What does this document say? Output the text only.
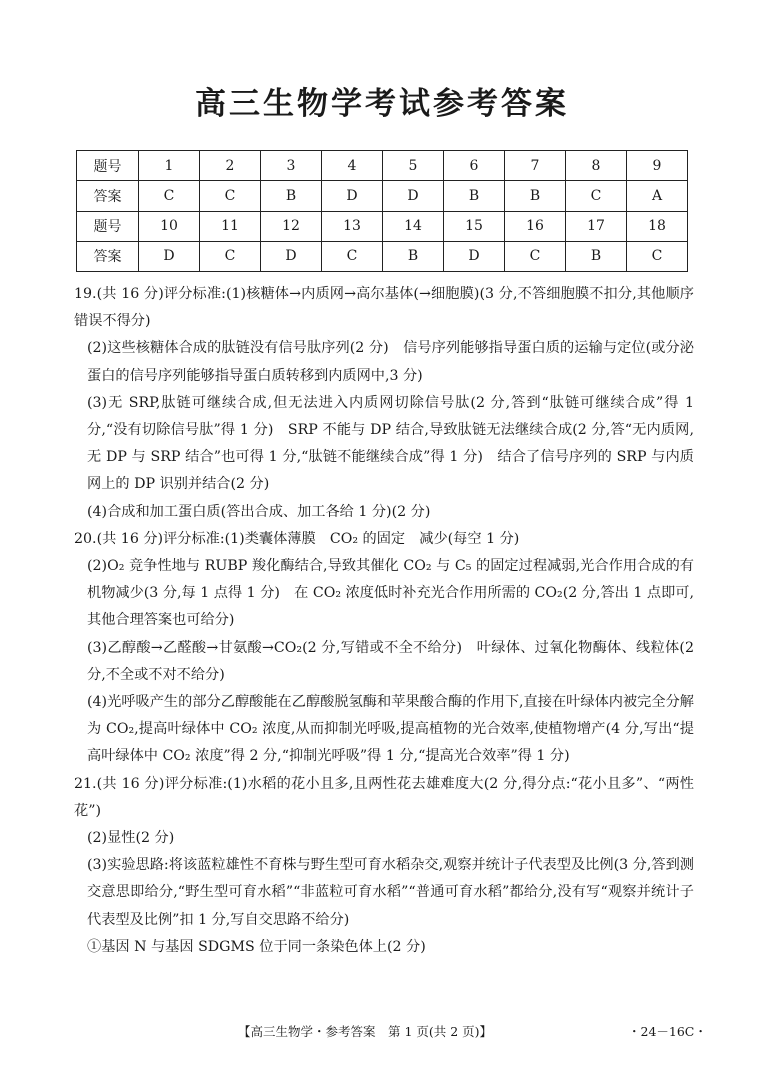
高三生物学考试参考答案
题号	1	2	3	4	5	6	7	8	9
答案	C	C	B	D	D	B	B	C	A
题号	10	11	12	13	14	15	16	17	18
答案	D	C	D	C	B	D	C	B	C

19.(共 16 分)评分标准:(1)核糖体→内质网→高尔基体(→细胞膜)(3 分,不答细胞膜不扣分,其他顺序错误不得分)

(2)这些核糖体合成的肽链没有信号肽序列(2 分)　信号序列能够指导蛋白质的运输与定位(或分泌蛋白的信号序列能够指导蛋白质转移到内质网中,3 分)

(3)无 SRP,肽链可继续合成,但无法进入内质网切除信号肽(2 分,答到“肽链可继续合成”得 1 分,“没有切除信号肽”得 1 分)　SRP 不能与 DP 结合,导致肽链无法继续合成(2 分,答“无内质网,无 DP 与 SRP 结合”也可得 1 分,“肽链不能继续合成”得 1 分)　结合了信号序列的 SRP 与内质网上的 DP 识别并结合(2 分)

(4)合成和加工蛋白质(答出合成、加工各给 1 分)(2 分)

20.(共 16 分)评分标准:(1)类囊体薄膜　CO₂ 的固定　减少(每空 1 分)

(2)O₂ 竞争性地与 RUBP 羧化酶结合,导致其催化 CO₂ 与 C₅ 的固定过程减弱,光合作用合成的有机物减少(3 分,每 1 点得 1 分)　在 CO₂ 浓度低时补充光合作用所需的 CO₂(2 分,答出 1 点即可,其他合理答案也可给分)

(3)乙醇酸→乙醛酸→甘氨酸→CO₂(2 分,写错或不全不给分)　叶绿体、过氧化物酶体、线粒体(2 分,不全或不对不给分)

(4)光呼吸产生的部分乙醇酸能在乙醇酸脱氢酶和苹果酸合酶的作用下,直接在叶绿体内被完全分解为 CO₂,提高叶绿体中 CO₂ 浓度,从而抑制光呼吸,提高植物的光合效率,使植物增产(4 分,写出“提高叶绿体中 CO₂ 浓度”得 2 分,“抑制光呼吸”得 1 分,“提高光合效率”得 1 分)

21.(共 16 分)评分标准:(1)水稻的花小且多,且两性花去雄难度大(2 分,得分点:“花小且多”、“两性花”)

(2)显性(2 分)

(3)实验思路:将该蓝粒雄性不育株与野生型可育水稻杂交,观察并统计子代表型及比例(3 分,答到测交意思即给分,“野生型可育水稻”“非蓝粒可育水稻”“普通可育水稻”都给分,没有写“观察并统计子代表型及比例”扣 1 分,写自交思路不给分)

①基因 N 与基因 SDGMS 位于同一条染色体上(2 分)

【高三生物学・参考答案　第 1 页(共 2 页)】	・24－16C・
